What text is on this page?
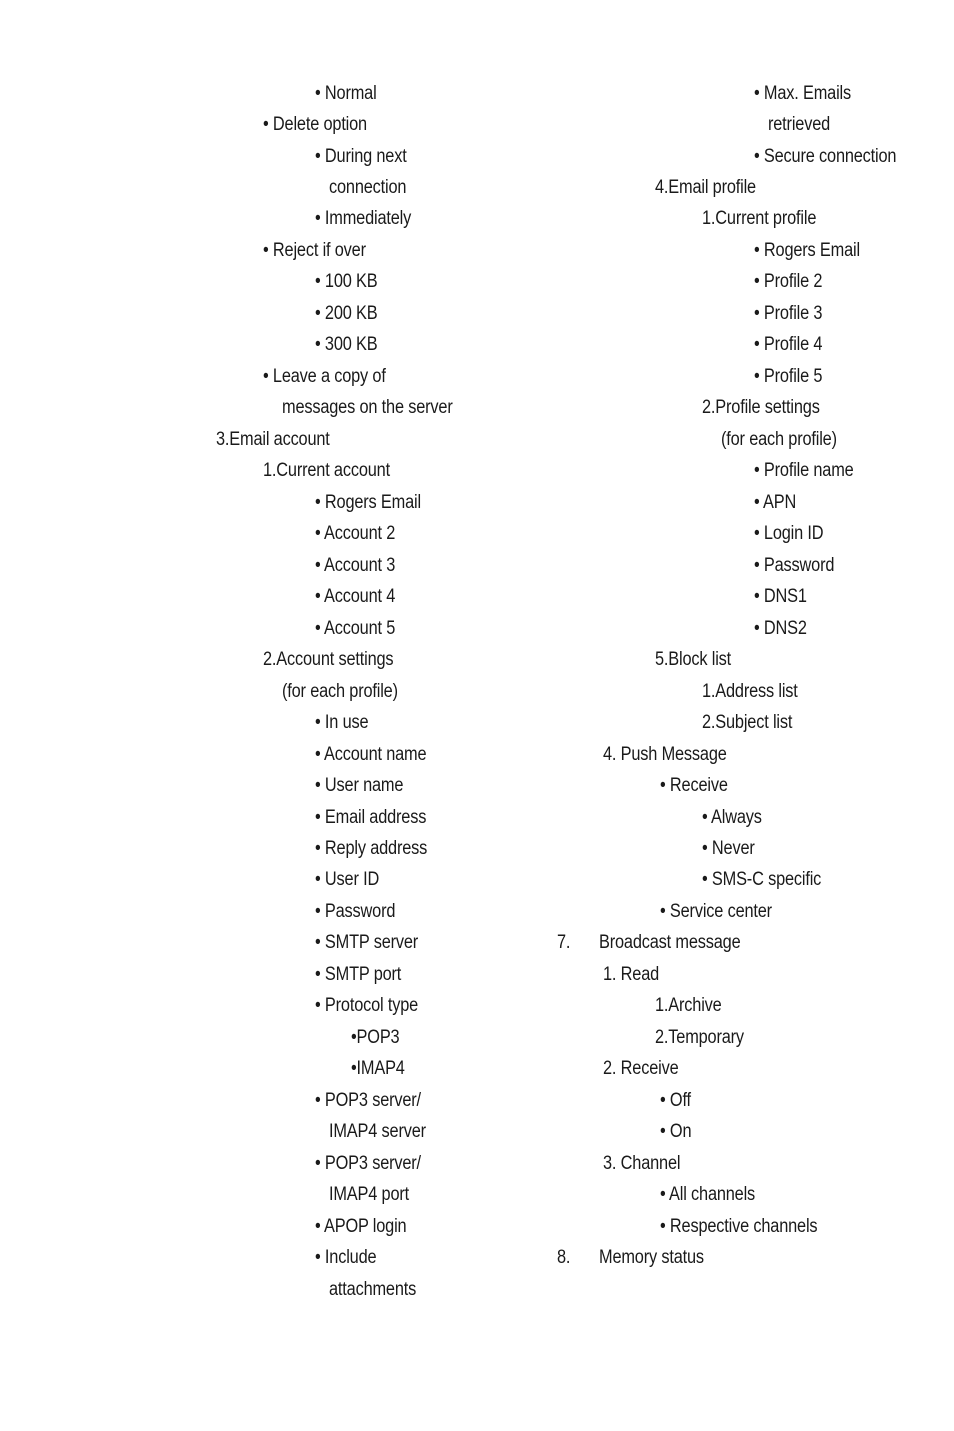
• Normal
• Delete option
• During next
connection
• Immediately
• Reject if over
• 100 KB
• 200 KB
• 300 KB
• Leave a copy of
messages on the server
3.Email account
1.Current account
• Rogers Email
• Account 2
• Account 3
• Account 4
• Account 5
2.Account settings
(for each profile)
• In use
• Account name
• User name
• Email address
• Reply address
• User ID
• Password
• SMTP server
• SMTP port
• Protocol type
•POP3
•IMAP4
• POP3 server/
IMAP4 server
• POP3 server/
IMAP4 port
• APOP login
• Include
attachments
• Max. Emails
retrieved
• Secure connection
4.Email profile
1.Current profile
• Rogers Email
• Profile 2
• Profile 3
• Profile 4
• Profile 5
2.Profile settings
(for each profile)
• Profile name
• APN
• Login ID
• Password
• DNS1
• DNS2
5.Block list
1.Address list
2.Subject list
4. Push Message
• Receive
• Always
• Never
• SMS-C specific
• Service center
7. Broadcast message
1. Read
1.Archive
2.Temporary
2. Receive
• Off
• On
3. Channel
• All channels
• Respective channels
8. Memory status
